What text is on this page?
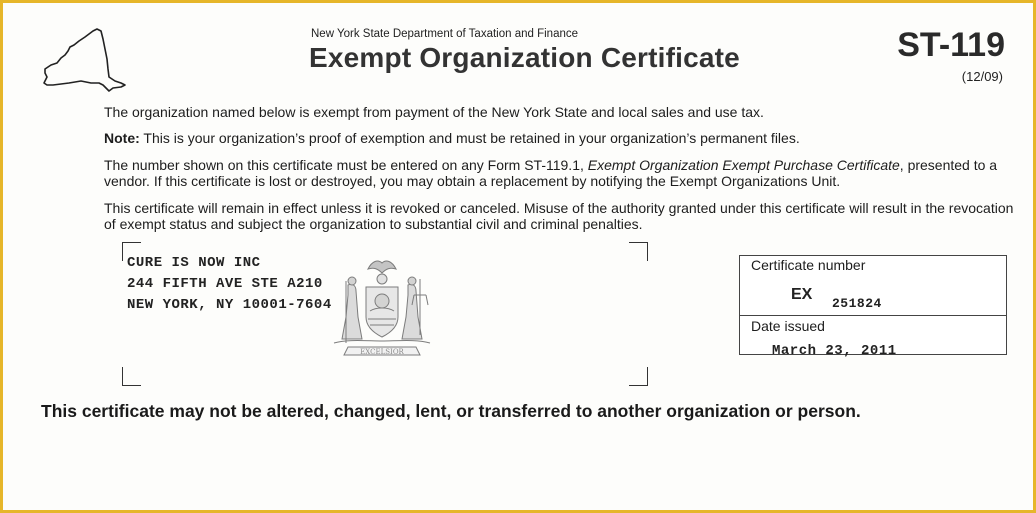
New York State Department of Taxation and Finance
Exempt Organization Certificate	ST-119
(12/09)
The organization named below is exempt from payment of the New York State and local sales and use tax.
Note: This is your organization’s proof of exemption and must be retained in your organization’s permanent files.
The number shown on this certificate must be entered on any Form ST-119.1, Exempt Organization Exempt Purchase Certificate, presented to a vendor. If this certificate is lost or destroyed, you may obtain a replacement by notifying the Exempt Organizations Unit.
This certificate will remain in effect unless it is revoked or canceled. Misuse of the authority granted under this certificate will result in the revocation of exempt status and subject the organization to substantial civil and criminal penalties.
CURE IS NOW INC
244 FIFTH AVE STE A210
NEW YORK, NY 10001-7604
EXCELSIOR
Certificate number
EX
251824
Date issued
March 23, 2011
This certificate may not be altered, changed, lent, or transferred to another organization or person.
